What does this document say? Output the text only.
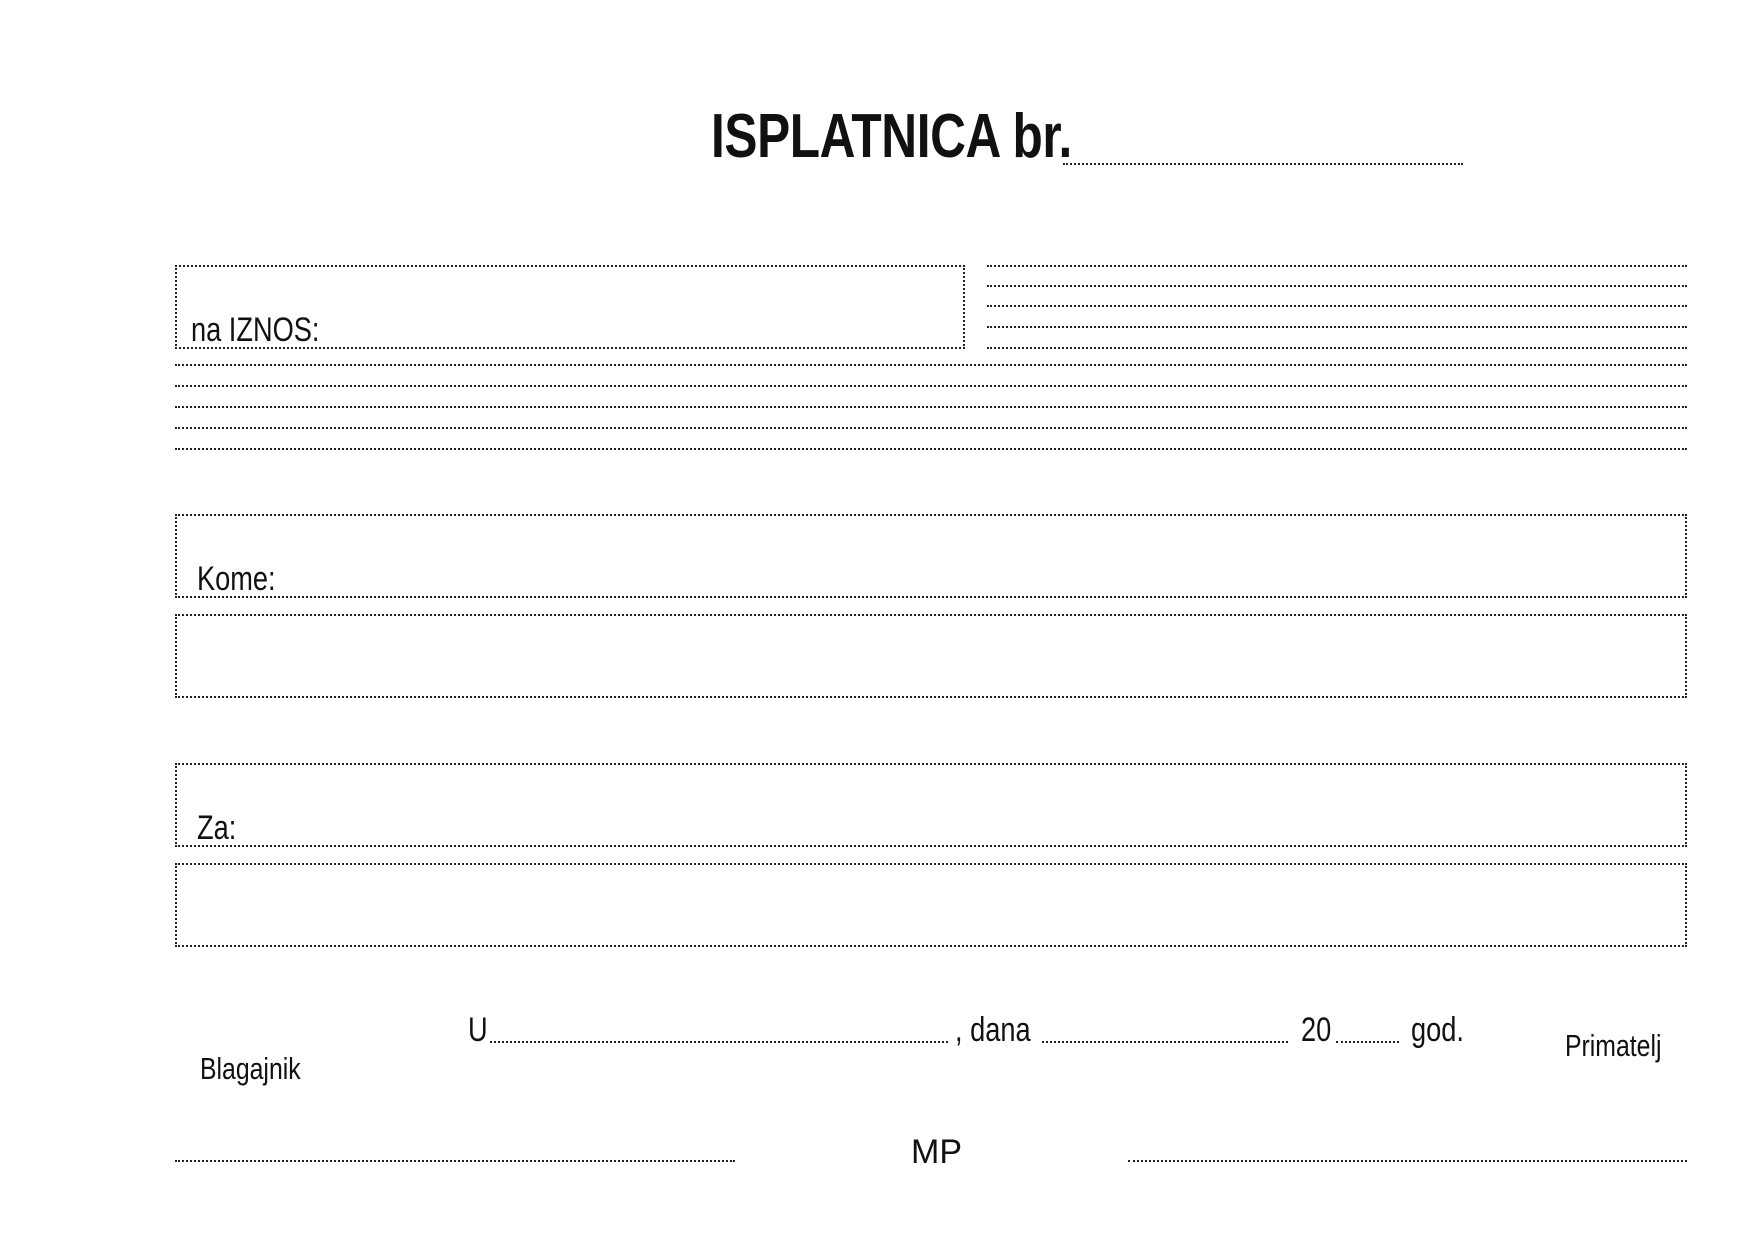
ISPLATNICA br.
na IZNOS:
Kome:
Za:
U	, dana	20 god.
Blagajnik
Primatelj
MP
